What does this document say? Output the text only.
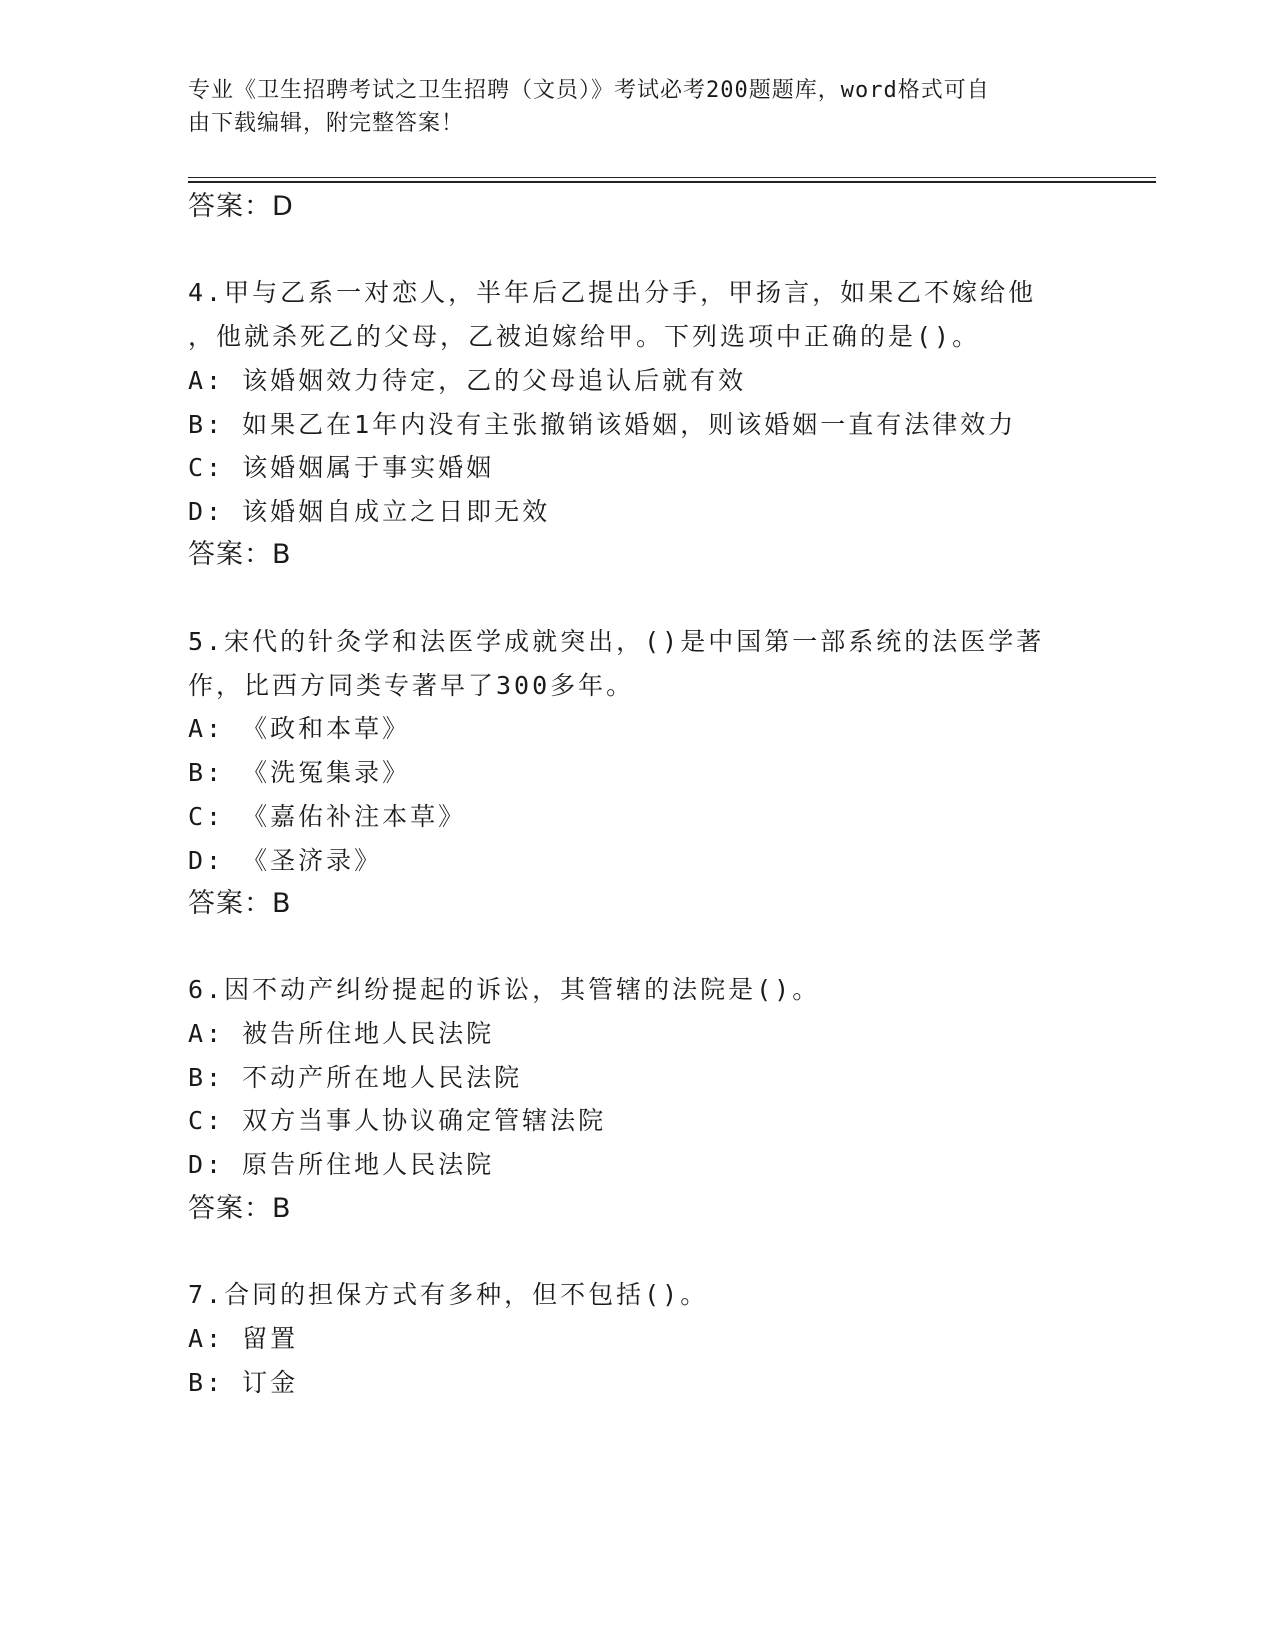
专业《卫生招聘考试之卫生招聘（文员）》考试必考200题题库，word格式可自
由下载编辑，附完整答案！
答案：D
4.甲与乙系一对恋人，半年后乙提出分手，甲扬言，如果乙不嫁给他
，他就杀死乙的父母，乙被迫嫁给甲。下列选项中正确的是()。
A: 该婚姻效力待定，乙的父母追认后就有效
B: 如果乙在1年内没有主张撤销该婚姻，则该婚姻一直有法律效力
C: 该婚姻属于事实婚姻
D: 该婚姻自成立之日即无效
答案：B
5.宋代的针灸学和法医学成就突出，()是中国第一部系统的法医学著
作，比西方同类专著早了300多年。
A: 《政和本草》
B: 《洗冤集录》
C: 《嘉佑补注本草》
D: 《圣济录》
答案：B
6.因不动产纠纷提起的诉讼，其管辖的法院是()。
A: 被告所住地人民法院
B: 不动产所在地人民法院
C: 双方当事人协议确定管辖法院
D: 原告所住地人民法院
答案：B
7.合同的担保方式有多种，但不包括()。
A: 留置
B: 订金
